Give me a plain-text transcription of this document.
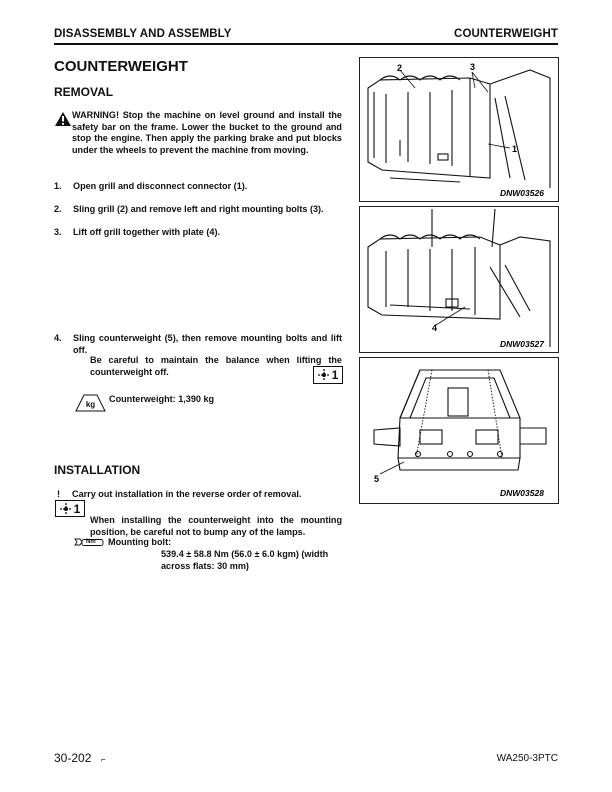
DISASSEMBLY AND ASSEMBLY	COUNTERWEIGHT
COUNTERWEIGHT
REMOVAL
WARNING! Stop the machine on level ground and install the safety bar on the frame. Lower the bucket to the ground and stop the engine. Then apply the parking brake and put blocks under the wheels to prevent the machine from moving.
1. Open grill and disconnect connector (1).
2. Sling grill (2) and remove left and right mounting bolts (3).
3. Lift off grill together with plate (4).
4. Sling counterweight (5), then remove mounting bolts and lift off.
Be careful to maintain the balance when lifting the counterweight off.	1
kg
Counterweight: 1,390 kg
INSTALLATION
! Carry out installation in the reverse order of removal.
1
When installing the counterweight into the mounting position, be careful not to bump any of the lamps.
Nm Mounting bolt:
539.4 ± 58.8 Nm (56.0 ± 6.0 kgm) (width across flats: 30 mm)
2	3
1
DNW03526
4
DNW03527
5
DNW03528
30-202 ⌐	WA250-3PTC
